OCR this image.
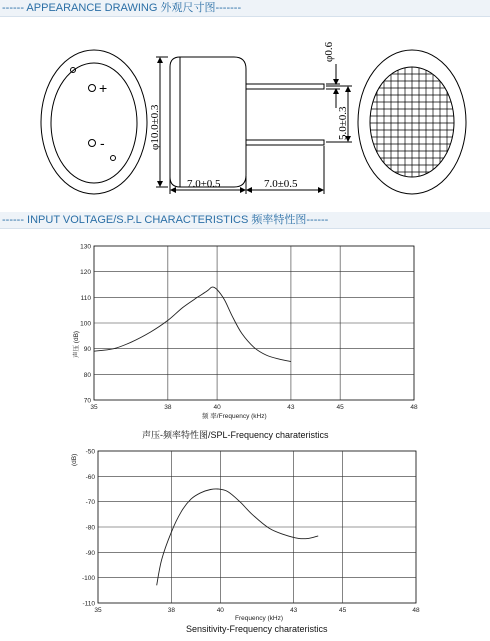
------ APPEARANCE DRAWING 外观尺寸图-------
------ INPUT VOLTAGE/S.P.L CHARACTERISTICS 频率特性图------
+
-
φ0.6
φ10.0±0.3	5.0±0.3
7.0±0.5	7.0±0.5
35	38	40	43	45	48
70
80
90
100
110
120
130
声压 (dB)
频 率/Frequency (kHz)
声压-频率特性图/SPL-Frequency charateristics
35	38	40	43	45	48
-50
-60
-70
-80
-90
-100
-110
(dB)
Frequency (kHz)
Sensitivity-Frequency charateristics
